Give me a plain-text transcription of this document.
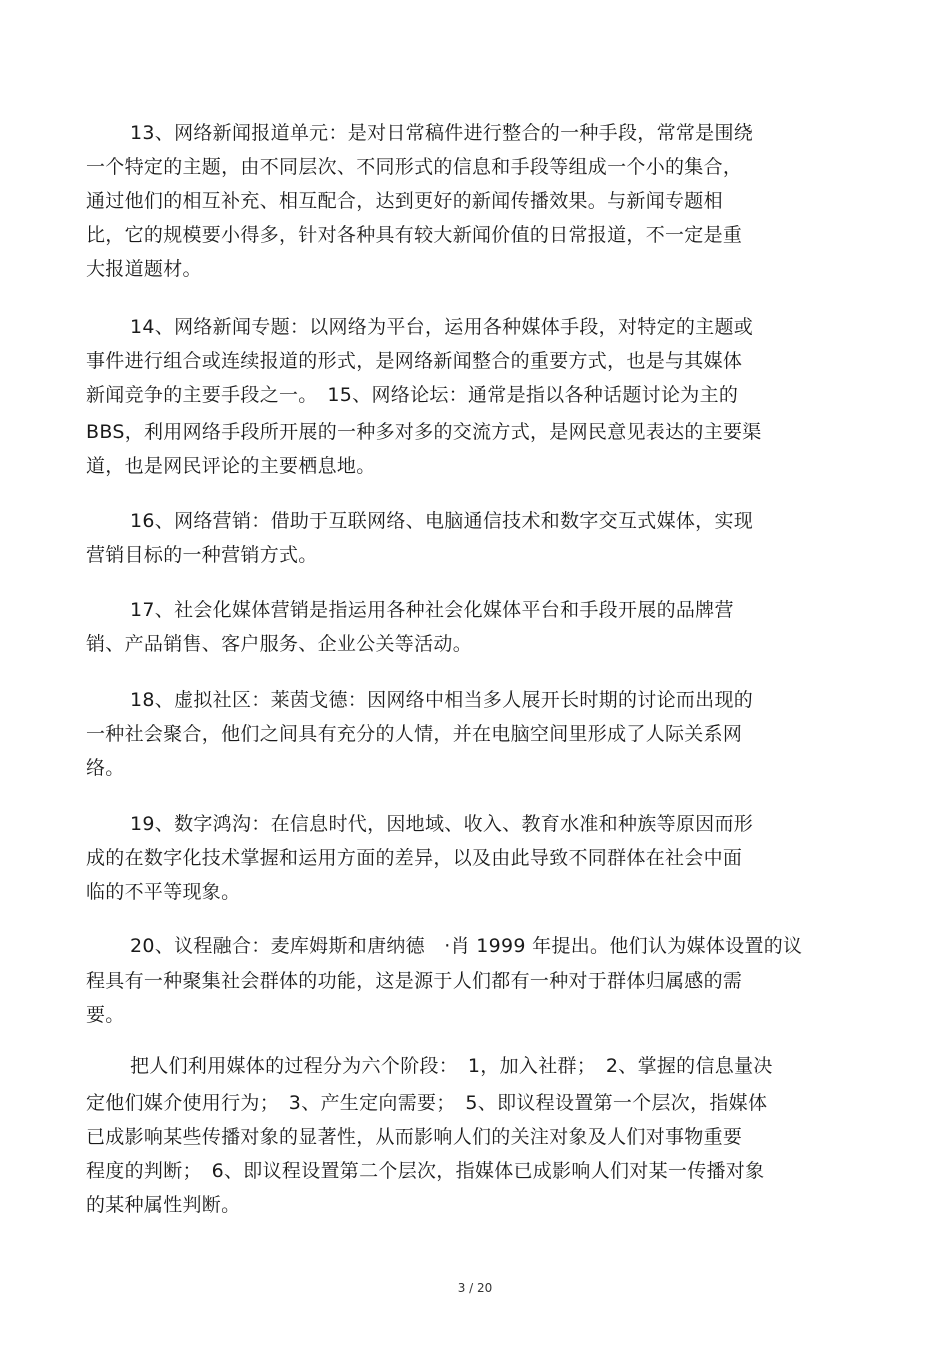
13、网络新闻报道单元：是对日常稿件进行整合的一种手段，常常是围绕
一个特定的主题，由不同层次、不同形式的信息和手段等组成一个小的集合，
通过他们的相互补充、相互配合，达到更好的新闻传播效果。与新闻专题相
比，它的规模要小得多，针对各种具有较大新闻价值的日常报道，不一定是重
大报道题材。
14、网络新闻专题：以网络为平台，运用各种媒体手段，对特定的主题或
事件进行组合或连续报道的形式，是网络新闻整合的重要方式，也是与其媒体
新闻竞争的主要手段之一。　15、网络论坛：通常是指以各种话题讨论为主的
BBS，利用网络手段所开展的一种多对多的交流方式，是网民意见表达的主要渠
道，也是网民评论的主要栖息地。
16、网络营销：借助于互联网络、电脑通信技术和数字交互式媒体，实现
营销目标的一种营销方式。
17、社会化媒体营销是指运用各种社会化媒体平台和手段开展的品牌营
销、产品销售、客户服务、企业公关等活动。
18、虚拟社区：莱茵戈德：因网络中相当多人展开长时期的讨论而出现的
一种社会聚合，他们之间具有充分的人情，并在电脑空间里形成了人际关系网
络。
19、数字鸿沟：在信息时代，因地域、收入、教育水准和种族等原因而形
成的在数字化技术掌握和运用方面的差异，以及由此导致不同群体在社会中面
临的不平等现象。
20、议程融合：麦库姆斯和唐纳德　·肖 1999 年提出。他们认为媒体设置的议
程具有一种聚集社会群体的功能，这是源于人们都有一种对于群体归属感的需
要。
把人们利用媒体的过程分为六个阶段：　1，加入社群；　2、掌握的信息量决
定他们媒介使用行为；　3、产生定向需要；　5、即议程设置第一个层次，指媒体
已成影响某些传播对象的显著性，从而影响人们的关注对象及人们对事物重要
程度的判断；　6、即议程设置第二个层次，指媒体已成影响人们对某一传播对象
的某种属性判断。
3 / 20
